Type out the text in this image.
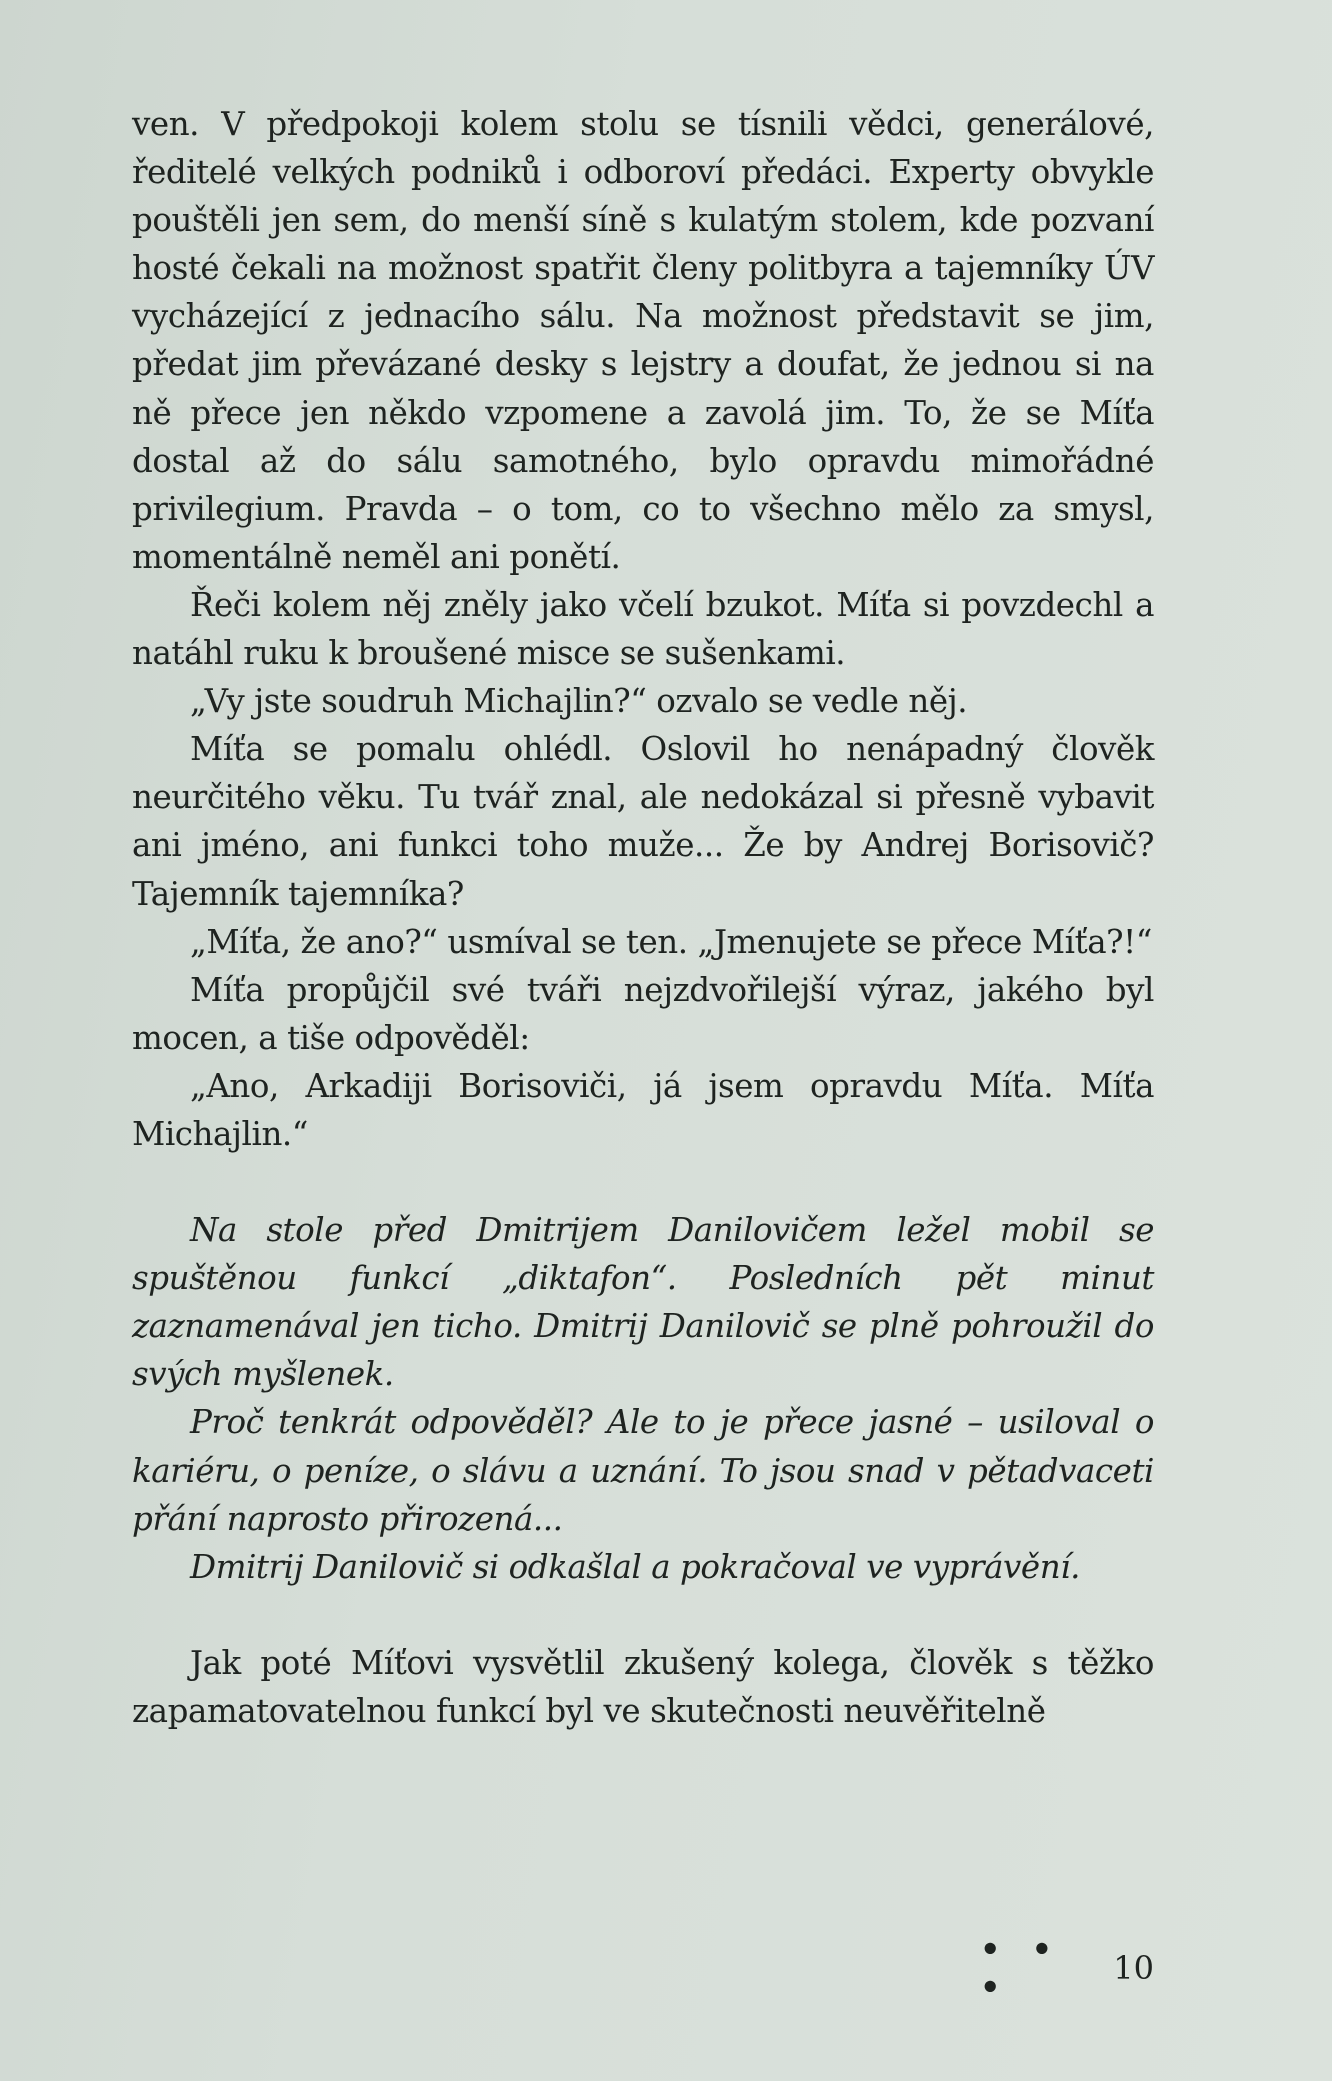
ven. V předpokoji kolem stolu se tísnili vědci, generálové, ředitelé velkých podniků i odboroví předáci. Experty obvykle pouštěli jen sem, do menší síně s kulatým stolem, kde pozvaní hosté čekali na možnost spatřit členy politbyra a tajemníky ÚV vycházející z jednacího sálu. Na možnost představit se jim, předat jim převázané desky s lejstry a doufat, že jednou si na ně přece jen někdo vzpomene a zavolá jim. To, že se Míťa dostal až do sálu samotného, bylo opravdu mimořádné privilegium. Pravda – o tom, co to všechno mělo za smysl, momentálně neměl ani ponětí.

Řeči kolem něj zněly jako včelí bzukot. Míťa si povzdechl a natáhl ruku k broušené misce se sušenkami.

„Vy jste soudruh Michajlin?“ ozvalo se vedle něj.

Míťa se pomalu ohlédl. Oslovil ho nenápadný člověk neurčitého věku. Tu tvář znal, ale nedokázal si přesně vybavit ani jméno, ani funkci toho muže... Že by Andrej Borisovič? Tajemník tajemníka?

„Míťa, že ano?“ usmíval se ten. „Jmenujete se přece Míťa?!“

Míťa propůjčil své tváři nejzdvořilejší výraz, jakého byl mocen, a tiše odpověděl:

„Ano, Arkadiji Borisoviči, já jsem opravdu Míťa. Míťa Michajlin.“

Na stole před Dmitrijem Danilovičem ležel mobil se spuštěnou funkcí „diktafon“. Posledních pět minut zaznamenával jen ticho. Dmitrij Danilovič se plně pohroužil do svých myšlenek.

Proč tenkrát odpověděl? Ale to je přece jasné – usiloval o kariéru, o peníze, o slávu a uznání. To jsou snad v pětadvaceti přání naprosto přirozená...

Dmitrij Danilovič si odkašlal a pokračoval ve vyprávění.

Jak poté Míťovi vysvětlil zkušený kolega, člověk s těžko zapamatovatelnou funkcí byl ve skutečnosti neuvěřitelně

• • •	10
